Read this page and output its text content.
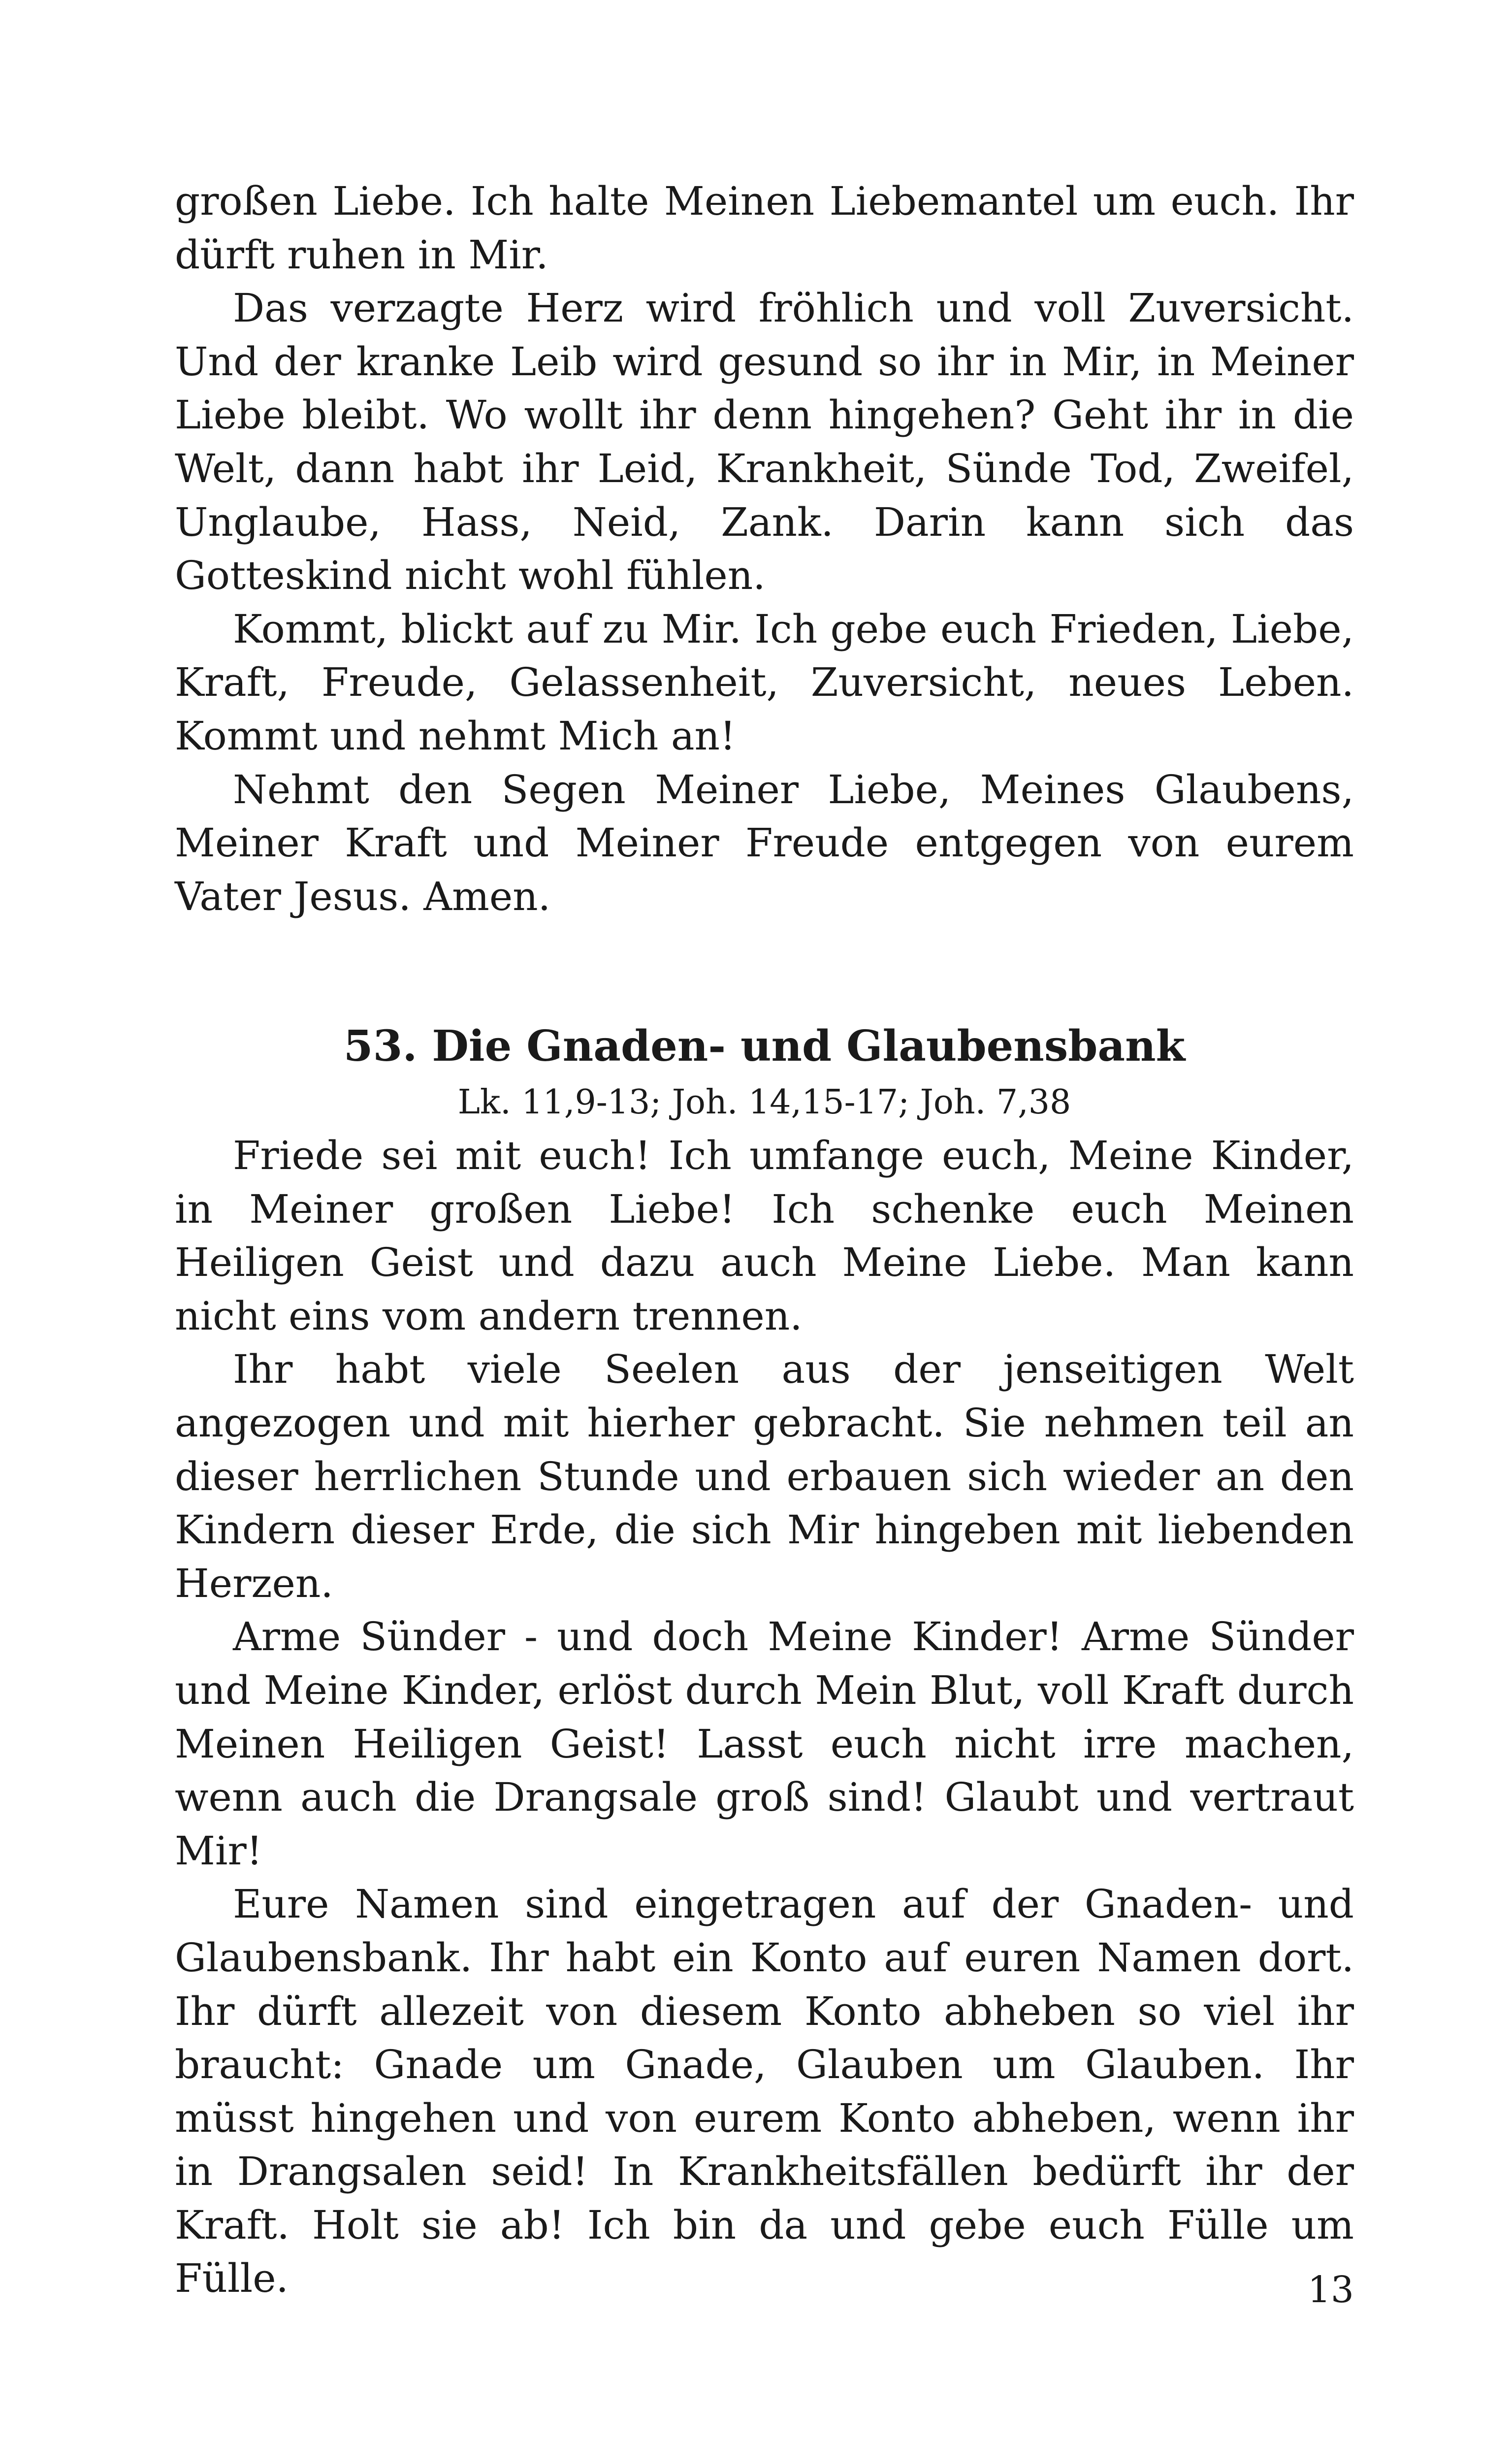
großen Liebe. Ich halte Meinen Liebemantel um euch. Ihr dürft ruhen in Mir.

Das verzagte Herz wird fröhlich und voll Zuversicht. Und der kranke Leib wird gesund so ihr in Mir, in Meiner Liebe bleibt. Wo wollt ihr denn hingehen? Geht ihr in die Welt, dann habt ihr Leid, Krankheit, Sünde Tod, Zweifel, Unglaube, Hass, Neid, Zank. Darin kann sich das Gotteskind nicht wohl fühlen.

Kommt, blickt auf zu Mir. Ich gebe euch Frieden, Liebe, Kraft, Freude, Gelassenheit, Zuversicht, neues Leben. Kommt und nehmt Mich an!

Nehmt den Segen Meiner Liebe, Meines Glaubens, Meiner Kraft und Meiner Freude entgegen von eurem Vater Jesus. Amen.

53. Die Gnaden- und Glaubensbank

Lk. 11,9-13; Joh. 14,15-17; Joh. 7,38

Friede sei mit euch! Ich umfange euch, Meine Kinder, in Meiner großen Liebe! Ich schenke euch Meinen Heiligen Geist und dazu auch Meine Liebe. Man kann nicht eins vom andern trennen.

Ihr habt viele Seelen aus der jenseitigen Welt angezogen und mit hierher gebracht. Sie nehmen teil an dieser herrlichen Stunde und erbauen sich wieder an den Kindern dieser Erde, die sich Mir hingeben mit liebenden Herzen.

Arme Sünder - und doch Meine Kinder! Arme Sünder und Meine Kinder, erlöst durch Mein Blut, voll Kraft durch Meinen Heiligen Geist! Lasst euch nicht irre machen, wenn auch die Drangsale groß sind! Glaubt und vertraut Mir!

Eure Namen sind eingetragen auf der Gnaden- und Glaubensbank. Ihr habt ein Konto auf euren Namen dort. Ihr dürft allezeit von diesem Konto abheben so viel ihr braucht: Gnade um Gnade, Glauben um Glauben. Ihr müsst hingehen und von eurem Konto abheben, wenn ihr in Drangsalen seid! In Krankheitsfällen bedürft ihr der Kraft. Holt sie ab! Ich bin da und gebe euch Fülle um Fülle.	13
